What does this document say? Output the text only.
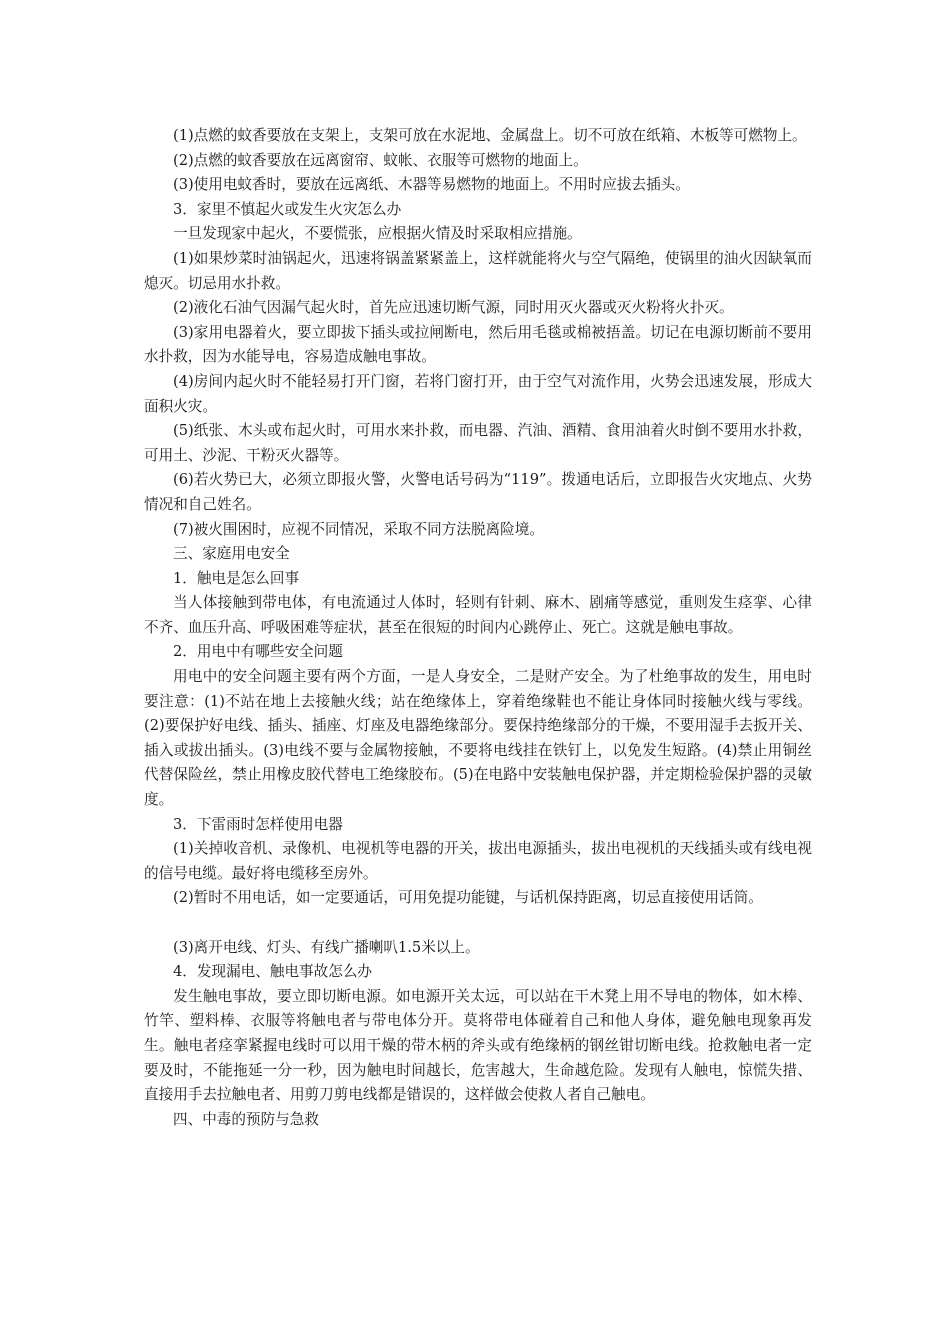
(1)点燃的蚊香要放在支架上，支架可放在水泥地、金属盘上。切不可放在纸箱、木板等可燃物上。

(2)点燃的蚊香要放在远离窗帘、蚊帐、衣服等可燃物的地面上。

(3)使用电蚊香时，要放在远离纸、木器等易燃物的地面上。不用时应拔去插头。

3．家里不慎起火或发生火灾怎么办

一旦发现家中起火，不要慌张，应根据火情及时采取相应措施。

(1)如果炒菜时油锅起火，迅速将锅盖紧紧盖上，这样就能将火与空气隔绝，使锅里的油火因缺氧而熄灭。切忌用水扑救。

(2)液化石油气因漏气起火时，首先应迅速切断气源，同时用灭火器或灭火粉将火扑灭。

(3)家用电器着火，要立即拔下插头或拉闸断电，然后用毛毯或棉被捂盖。切记在电源切断前不要用水扑救，因为水能导电，容易造成触电事故。

(4)房间内起火时不能轻易打开门窗，若将门窗打开，由于空气对流作用，火势会迅速发展，形成大面积火灾。

(5)纸张、木头或布起火时，可用水来扑救，而电器、汽油、酒精、食用油着火时倒不要用水扑救，可用土、沙泥、干粉灭火器等。

(6)若火势已大，必须立即报火警，火警电话号码为“119”。拨通电话后，立即报告火灾地点、火势情况和自己姓名。

(7)被火围困时，应视不同情况，采取不同方法脱离险境。

三、家庭用电安全

1．触电是怎么回事

当人体接触到带电体，有电流通过人体时，轻则有针刺、麻木、剧痛等感觉，重则发生痉挛、心律不齐、血压升高、呼吸困难等症状，甚至在很短的时间内心跳停止、死亡。这就是触电事故。

2．用电中有哪些安全问题

用电中的安全问题主要有两个方面，一是人身安全，二是财产安全。为了杜绝事故的发生，用电时要注意：(1)不站在地上去接触火线；站在绝缘体上，穿着绝缘鞋也不能让身体同时接触火线与零线。(2)要保护好电线、插头、插座、灯座及电器绝缘部分。要保持绝缘部分的干燥，不要用湿手去扳开关、插入或拔出插头。(3)电线不要与金属物接触，不要将电线挂在铁钉上，以免发生短路。(4)禁止用铜丝代替保险丝，禁止用橡皮胶代替电工绝缘胶布。(5)在电路中安装触电保护器，并定期检验保护器的灵敏度。

3．下雷雨时怎样使用电器

(1)关掉收音机、录像机、电视机等电器的开关，拔出电源插头，拔出电视机的天线插头或有线电视的信号电缆。最好将电缆移至房外。

(2)暂时不用电话，如一定要通话，可用免提功能键，与话机保持距离，切忌直接使用话筒。

(3)离开电线、灯头、有线广播喇叭1.5米以上。

4．发现漏电、触电事故怎么办

发生触电事故，要立即切断电源。如电源开关太远，可以站在干木凳上用不导电的物体，如木棒、竹竿、塑料棒、衣服等将触电者与带电体分开。莫将带电体碰着自己和他人身体，避免触电现象再发生。触电者痉挛紧握电线时可以用干燥的带木柄的斧头或有绝缘柄的钢丝钳切断电线。抢救触电者一定要及时，不能拖延一分一秒，因为触电时间越长，危害越大，生命越危险。发现有人触电，惊慌失措、直接用手去拉触电者、用剪刀剪电线都是错误的，这样做会使救人者自己触电。

四、中毒的预防与急救
